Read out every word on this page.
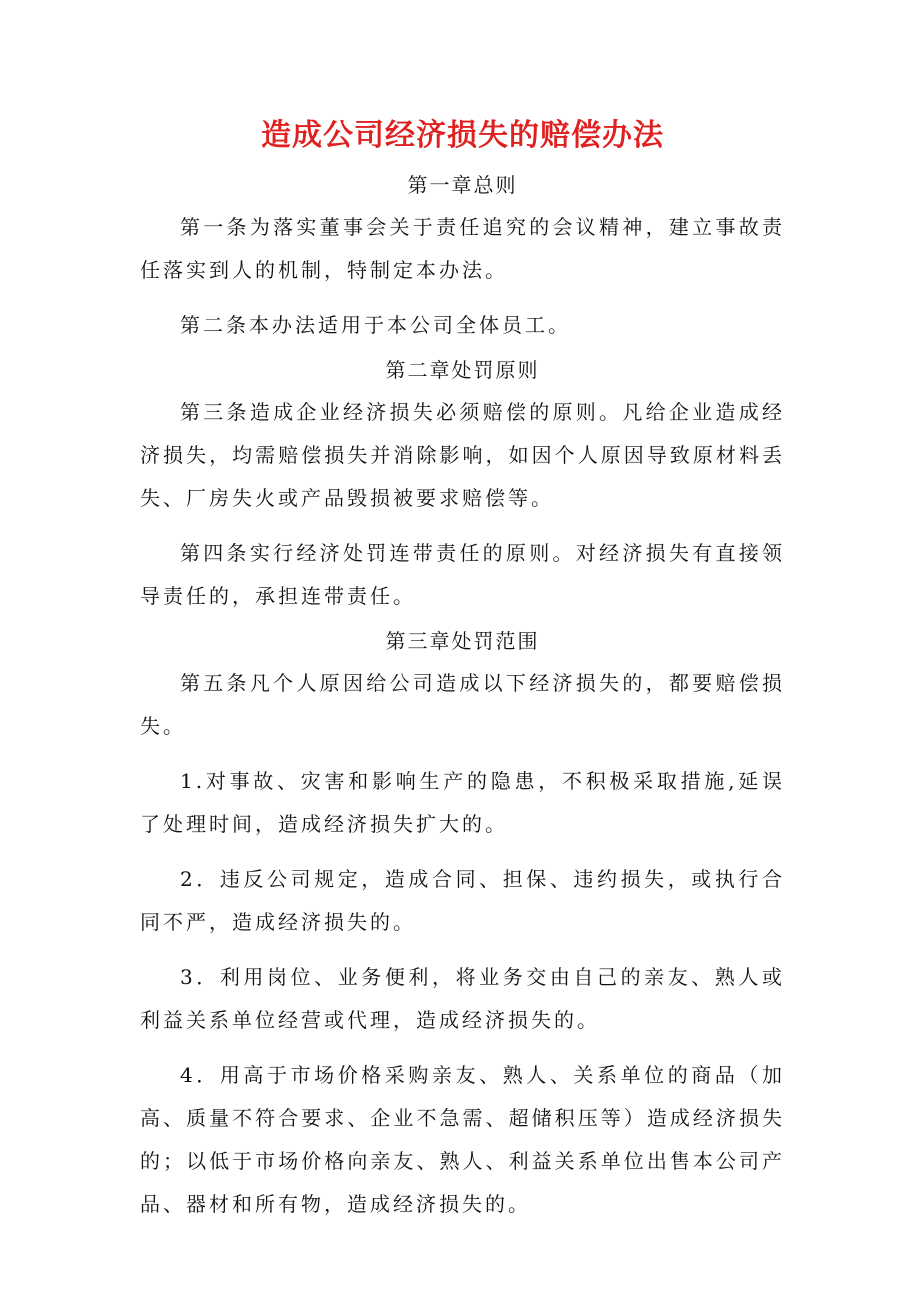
造成公司经济损失的赔偿办法
第一章总则

第一条为落实董事会关于责任追究的会议精神，建立事故责任落实到人的机制，特制定本办法。

第二条本办法适用于本公司全体员工。

第二章处罚原则

第三条造成企业经济损失必须赔偿的原则。凡给企业造成经济损失，均需赔偿损失并消除影响，如因个人原因导致原材料丢失、厂房失火或产品毁损被要求赔偿等。

第四条实行经济处罚连带责任的原则。对经济损失有直接领导责任的，承担连带责任。

第三章处罚范围

第五条凡个人原因给公司造成以下经济损失的，都要赔偿损失。

1.对事故、灾害和影响生产的隐患，不积极采取措施,延误了处理时间，造成经济损失扩大的。

2．违反公司规定，造成合同、担保、违约损失，或执行合同不严，造成经济损失的。

3．利用岗位、业务便利，将业务交由自己的亲友、熟人或利益关系单位经营或代理，造成经济损失的。

4．用高于市场价格采购亲友、熟人、关系单位的商品（加高、质量不符合要求、企业不急需、超储积压等）造成经济损失的；以低于市场价格向亲友、熟人、利益关系单位出售本公司产品、器材和所有物，造成经济损失的。
